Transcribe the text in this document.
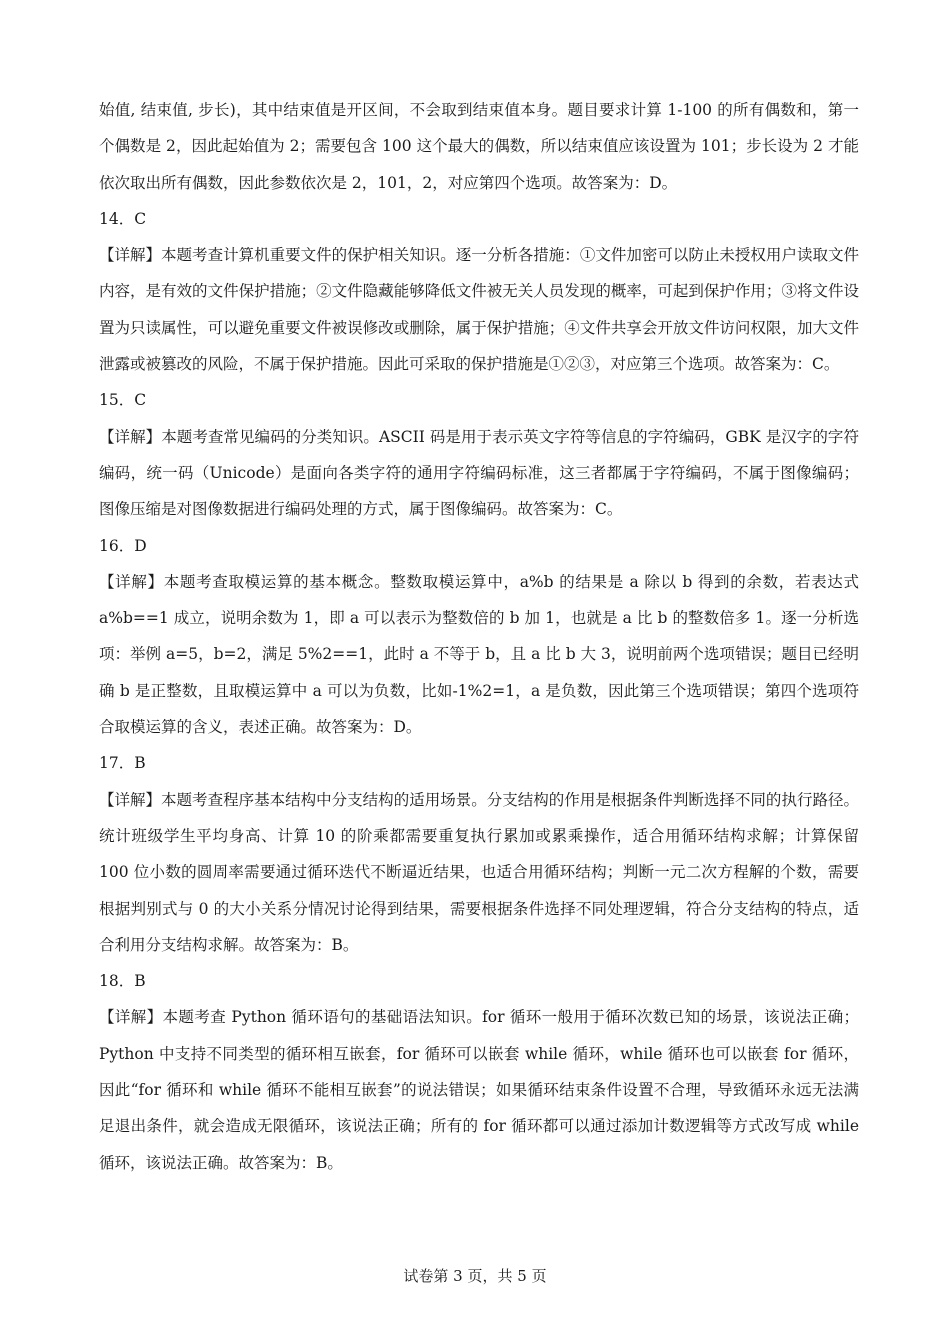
始值, 结束值, 步长)，其中结束值是开区间，不会取到结束值本身。题目要求计算 1-100 的所有偶数和，第一个偶数是 2，因此起始值为 2；需要包含 100 这个最大的偶数，所以结束值应该设置为 101；步长设为 2 才能依次取出所有偶数，因此参数依次是 2，101，2，对应第四个选项。故答案为：D。

14．C

【详解】本题考查计算机重要文件的保护相关知识。逐一分析各措施：①文件加密可以防止未授权用户读取文件内容，是有效的文件保护措施；②文件隐藏能够降低文件被无关人员发现的概率，可起到保护作用；③将文件设置为只读属性，可以避免重要文件被误修改或删除，属于保护措施；④文件共享会开放文件访问权限，加大文件泄露或被篡改的风险，不属于保护措施。因此可采取的保护措施是①②③，对应第三个选项。故答案为：C。

15．C

【详解】本题考查常见编码的分类知识。ASCII 码是用于表示英文字符等信息的字符编码，GBK 是汉字的字符编码，统一码（Unicode）是面向各类字符的通用字符编码标准，这三者都属于字符编码，不属于图像编码；图像压缩是对图像数据进行编码处理的方式，属于图像编码。故答案为：C。

16．D

【详解】本题考查取模运算的基本概念。整数取模运算中，a%b 的结果是 a 除以 b 得到的余数，若表达式 a%b==1 成立，说明余数为 1，即 a 可以表示为整数倍的 b 加 1，也就是 a 比 b 的整数倍多 1。逐一分析选项：举例 a=5，b=2，满足 5%2==1，此时 a 不等于 b，且 a 比 b 大 3，说明前两个选项错误；题目已经明确 b 是正整数，且取模运算中 a 可以为负数，比如-1%2=1，a 是负数，因此第三个选项错误；第四个选项符合取模运算的含义，表述正确。故答案为：D。

17．B

【详解】本题考查程序基本结构中分支结构的适用场景。分支结构的作用是根据条件判断选择不同的执行路径。统计班级学生平均身高、计算 10 的阶乘都需要重复执行累加或累乘操作，适合用循环结构求解；计算保留 100 位小数的圆周率需要通过循环迭代不断逼近结果，也适合用循环结构；判断一元二次方程解的个数，需要根据判别式与 0 的大小关系分情况讨论得到结果，需要根据条件选择不同处理逻辑，符合分支结构的特点，适合利用分支结构求解。故答案为：B。

18．B

【详解】本题考查 Python 循环语句的基础语法知识。for 循环一般用于循环次数已知的场景，该说法正确；Python 中支持不同类型的循环相互嵌套，for 循环可以嵌套 while 循环，while 循环也可以嵌套 for 循环，因此“for 循环和 while 循环不能相互嵌套”的说法错误；如果循环结束条件设置不合理，导致循环永远无法满足退出条件，就会造成无限循环，该说法正确；所有的 for 循环都可以通过添加计数逻辑等方式改写成 while 循环，该说法正确。故答案为：B。

试卷第 3 页，共 5 页
